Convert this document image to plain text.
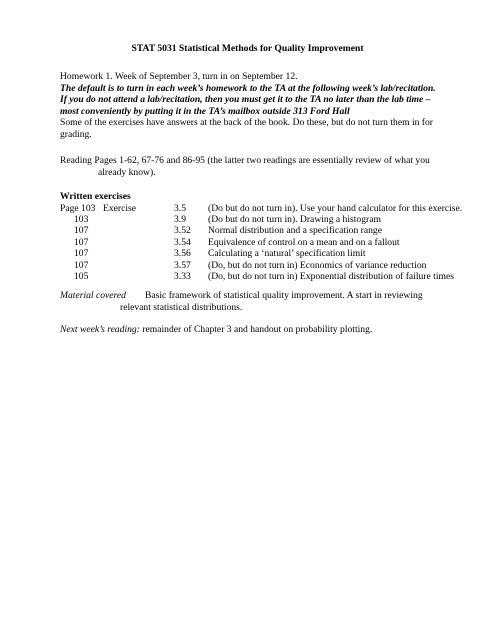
STAT 5031 Statistical Methods for Quality Improvement

Homework 1. Week of September 3, turn in on September 12.

The default is to turn in each week’s homework to the TA at the following week’s lab/recitation.

If you do not attend a lab/recitation, then you must get it to the TA no later than the lab time –

most conveniently by putting it in the TA’s mailbox outside 313 Ford Hall

Some of the exercises have answers at the back of the book. Do these, but do not turn them in for

grading.

Reading Pages 1-62, 67-76 and 86-95 (the latter two readings are essentially review of what you

already know).

Written exercises

Page 103 Exercise	3.5 (Do but do not turn in). Use your hand calculator for this exercise.
103	3.9 (Do but do not turn in). Drawing a histogram
107	3.52 Normal distribution and a specification range
107	3.54 Equivalence of control on a mean and on a fallout
107	3.56 Calculating a ‘natural’ specification limit
107	3.57 (Do, but do not turn in) Economics of variance reduction
105	3.33 (Do, but do not turn in) Exponential distribution of failure times
Material covered Basic framework of statistical quality improvement. A start in reviewing

relevant statistical distributions.

Next week’s reading: remainder of Chapter 3 and handout on probability plotting.
